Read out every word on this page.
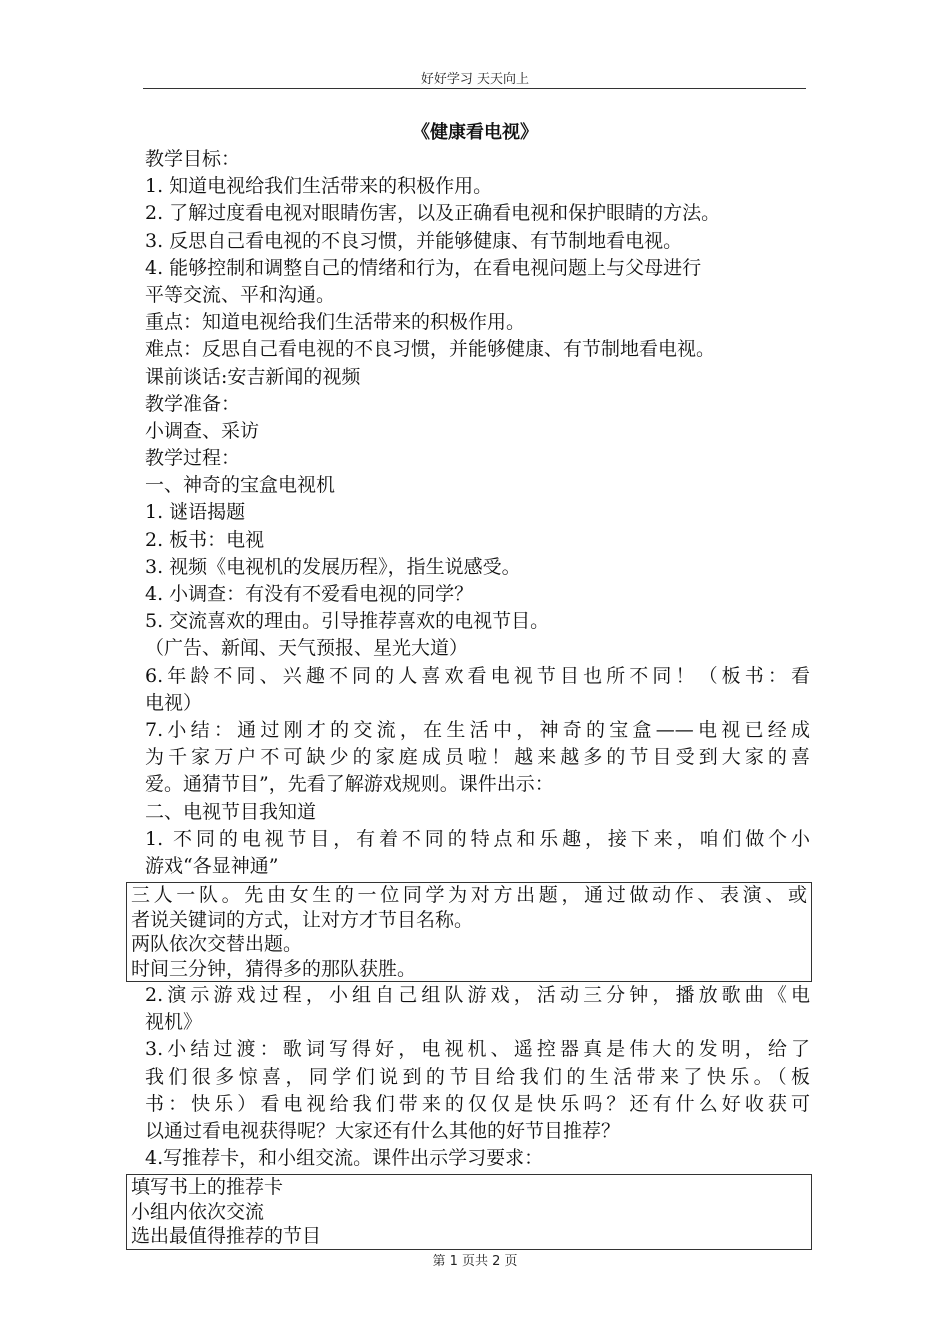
好好学习 天天向上
《健康看电视》
教学目标：
1. 知道电视给我们生活带来的积极作用。
2. 了解过度看电视对眼睛伤害，以及正确看电视和保护眼睛的方法。
3. 反思自己看电视的不良习惯，并能够健康、有节制地看电视。
4. 能够控制和调整自己的情绪和行为，在看电视问题上与父母进行
平等交流、平和沟通。
重点：知道电视给我们生活带来的积极作用。
难点：反思自己看电视的不良习惯，并能够健康、有节制地看电视。
课前谈话:安吉新闻的视频
教学准备：
小调查、采访
教学过程：
一、神奇的宝盒电视机
1. 谜语揭题
2. 板书：电视
3. 视频《电视机的发展历程》，指生说感受。
4. 小调查：有没有不爱看电视的同学？
5. 交流喜欢的理由。引导推荐喜欢的电视节目。
（广告、新闻、天气预报、星光大道）
6.年龄不同、兴趣不同的人喜欢看电视节目也所不同！（板书：看
电视）
7.小结：通过刚才的交流，在生活中，神奇的宝盒——电视已经成
为千家万户不可缺少的家庭成员啦！越来越多的节目受到大家的喜
爱。通猜节目”，先看了解游戏规则。课件出示：
二、电视节目我知道
1. 不同的电视节目，有着不同的特点和乐趣，接下来，咱们做个小
游戏“各显神通”
三人一队。先由女生的一位同学为对方出题，通过做动作、表演、或
者说关键词的方式，让对方才节目名称。
两队依次交替出题。
时间三分钟，猜得多的那队获胜。
2.演示游戏过程，小组自己组队游戏，活动三分钟，播放歌曲《电
视机》
3.小结过渡：歌词写得好，电视机、遥控器真是伟大的发明，给了
我们很多惊喜，同学们说到的节目给我们的生活带来了快乐。（板
书：快乐）看电视给我们带来的仅仅是快乐吗？还有什么好收获可
以通过看电视获得呢？大家还有什么其他的好节目推荐？
4.写推荐卡，和小组交流。课件出示学习要求：
填写书上的推荐卡
小组内依次交流
选出最值得推荐的节目
第 1 页共 2 页
